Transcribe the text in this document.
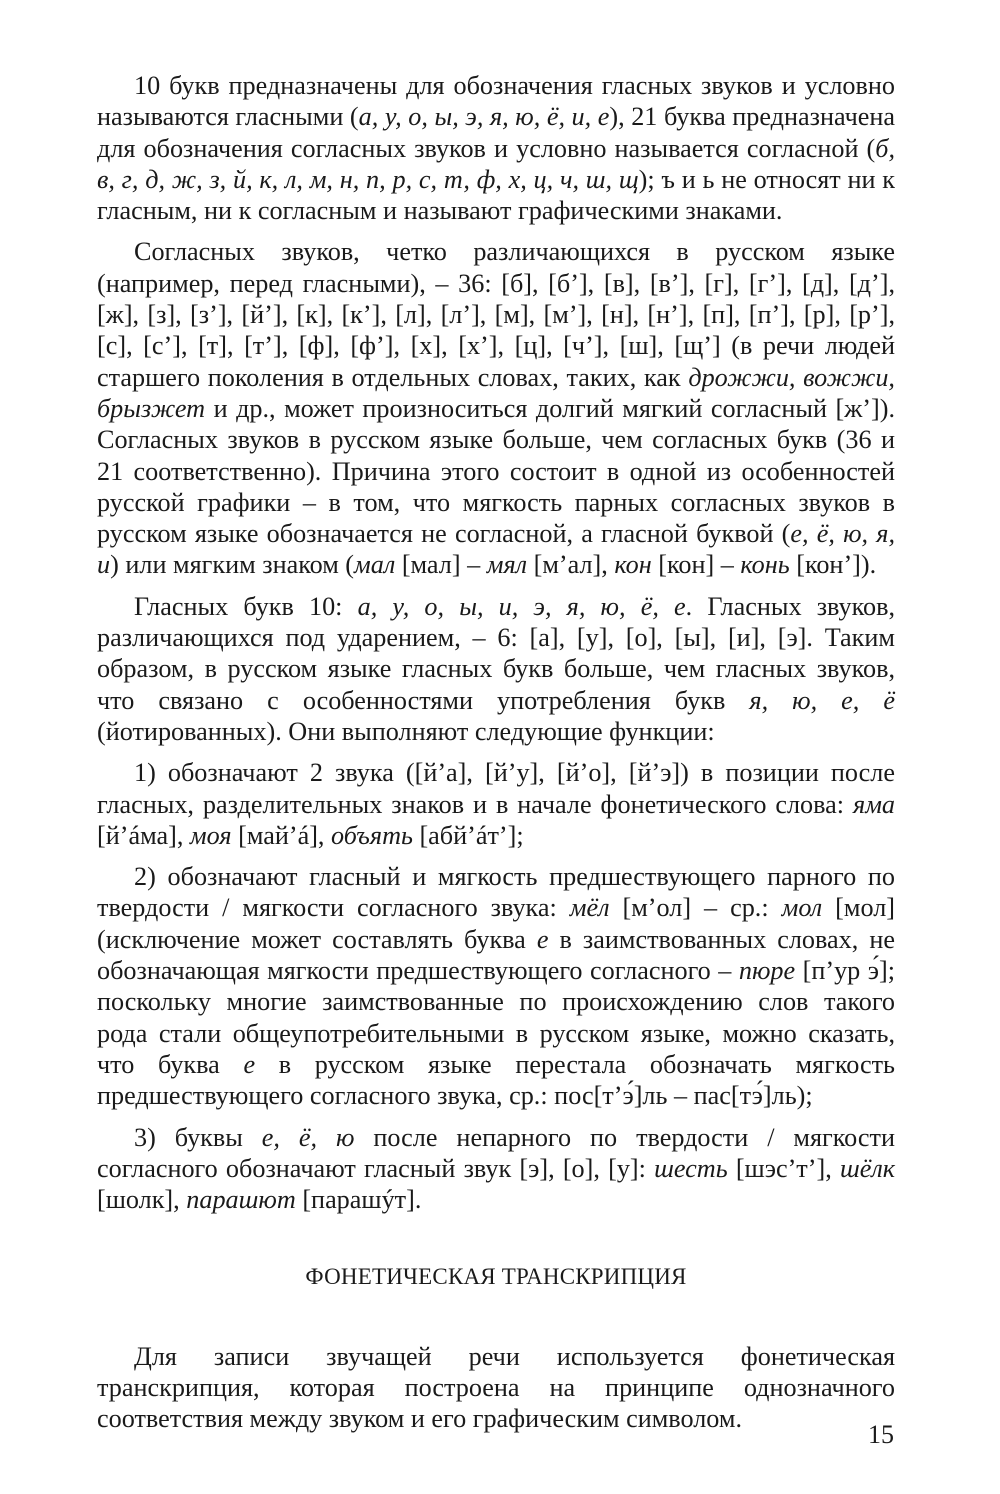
10 букв предназначены для обозначения гласных звуков и условно называются гласными (а, у, о, ы, э, я, ю, ё, и, е), 21 буква предназначена для обозначения согласных звуков и условно называется согласной (б, в, г, д, ж, з, й, к, л, м, н, п, р, с, т, ф, х, ц, ч, ш, щ); ъ и ь не относят ни к гласным, ни к согласным и называют графическими знаками.

Согласных звуков, четко различающихся в русском языке (например, перед гласными), – 36: [б], [б’], [в], [в’], [г], [г’], [д], [д’], [ж], [з], [з’], [й’], [к], [к’], [л], [л’], [м], [м’], [н], [н’], [п], [п’], [р], [р’], [с], [с’], [т], [т’], [ф], [ф’], [х], [х’], [ц], [ч’], [ш], [щ’] (в речи людей старшего поколения в отдельных словах, таких, как дрожжи, вожжи, брызжет и др., может произноситься долгий мягкий согласный [ж’]). Согласных звуков в русском языке больше, чем согласных букв (36 и 21 соответственно). Причина этого состоит в одной из особенностей русской графики – в том, что мягкость парных согласных звуков в русском языке обозначается не согласной, а гласной буквой (е, ё, ю, я, и) или мягким знаком (мал [мал] – мял [м’ал], кон [кон] – конь [кон’]).

Гласных букв 10: а, у, о, ы, и, э, я, ю, ё, е. Гласных звуков, различающихся под ударением, – 6: [а], [у], [о], [ы], [и], [э]. Таким образом, в русском языке гласных букв больше, чем гласных звуков, что связано с особенностями употребления букв я, ю, е, ё (йотированных). Они выполняют следующие функции:

1) обозначают 2 звука ([й’а], [й’у], [й’о], [й’э]) в позиции после гласных, разделительных знаков и в начале фонетического слова: яма [й’áма], моя [май’á], объять [абй’áт’];

2) обозначают гласный и мягкость предшествующего парного по твердости / мягкости согласного звука: мёл [м’ол] – ср.: мол [мол] (исключение может составлять буква е в заимствованных словах, не обозначающая мягкости предшествующего согласного – пюре [п’ур э́]; поскольку многие заимствованные по происхождению слов такого рода стали общеупотребительными в русском языке, можно сказать, что буква е в русском языке перестала обозначать мягкость предшествующего согласного звука, ср.: пос[т’э́]ль – пас[тэ́]ль);

3) буквы е, ё, ю после непарного по твердости / мягкости согласного обозначают гласный звук [э], [о], [у]: шесть [шэс’т’], шёлк [шолк], парашют [парашýт].

ФОНЕТИЧЕСКАЯ ТРАНСКРИПЦИЯ

Для записи звучащей речи используется фонетическая транскрипция, которая построена на принципе однозначного соответствия между звуком и его графическим символом.

15
